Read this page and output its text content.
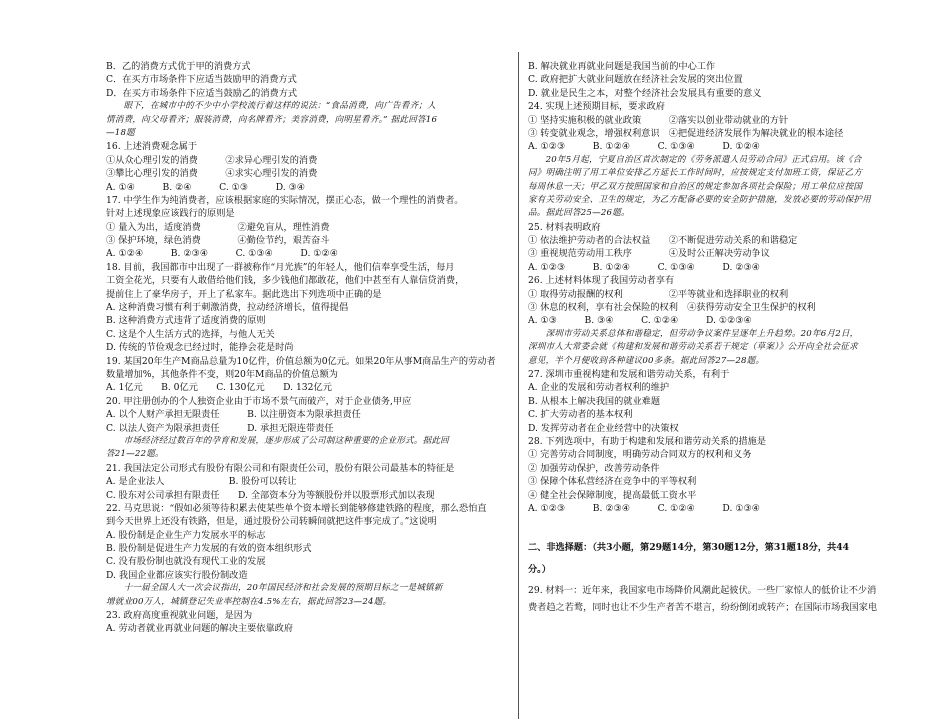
B．乙的消费方式优于甲的消费方式
C．在买方市场条件下应适当鼓励甲的消费方式
D．在买方市场条件下应适当鼓励乙的消费方式
　　眼下，在城市中的不少中小学校流行着这样的说法：“食品消费，向广告看齐；人
情消费，向父母看齐；服装消费，向名牌看齐；美容消费，向明星看齐。” 据此回答16
—18题
16. 上述消费观念属于
①从众心理引发的消费　　　②求异心理引发的消费
③攀比心理引发的消费　　　④求实心理引发的消费
A. ①④　　　B. ②④　　　C. ①③　　　D. ③④
17. 中学生作为纯消费者，应该根据家庭的实际情况，摆正心态，做一个理性的消费者。
针对上述现象应该践行的原则是
① 量入为出，适度消费　　　　②避免盲从，理性消费
③ 保护环境，绿色消费　　　　④勤俭节约，艰苦奋斗
A. ①②④　　　B. ②③④　　　C. ①③④　　　D. ①②④
18. 目前，我国都市中出现了一群被称作“月光族”的年轻人，他们信奉享受生活，每月
工资全花光，只要有人敢借给他们钱，多少钱他们都敢花，他们中甚至有人靠信贷消费，
提前住上了豪华房子，开上了私家车。据此选出下列选项中正确的是
A. 这种消费习惯有利于刺激消费，拉动经济增长，值得提倡
B. 这种消费方式违背了适度消费的原则
C. 这是个人生活方式的选择，与他人无关
D. 传统的节俭观念已经过时，能挣会花是时尚
19. 某国20年生产M商品总量为10亿件，价值总额为0亿元。如果20年从事M商品生产的劳动者
数量增加%，其他条件不变，则20年M商品的价值总额为
A. 1亿元　　B. 0亿元　　C. 130亿元　　D. 132亿元
20. 甲注册创办的个人独资企业由于市场不景气而破产，对于企业债务,甲应
A. 以个人财产承担无限责任　　　B. 以注册资本为限承担责任
C. 以法人资产为限承担责任　　　D. 承担无限连带责任
　　市场经济经过数百年的孕育和发展，逐步形成了公司制这种重要的企业形式。据此回
答21—22题。
21. 我国法定公司形式有股份有限公司和有限责任公司，股份有限公司最基本的特征是
A. 是企业法人　　　　　　　B. 股份可以转让
C. 股东对公司承担有限责任　　D. 全部资本分为等额股份并以股票形式加以表现
22. 马克思说：“假如必须等待积累去使某些单个资本增长到能够修建铁路的程度，那么恐怕直
到今天世界上还没有铁路，但是，通过股份公司转瞬间就把这件事完成了。”这说明
A. 股份制是企业生产力发展水平的标志
B. 股份制是促进生产力发展的有效的资本组织形式
C. 没有股份制也就没有现代工业的发展
D. 我国企业都应该实行股份制改造
　　十一届全国人大一次会议指出，20年国民经济和社会发展的预期目标之一是城镇新
增就业00万人，城镇登记失业率控制在4.5%左右，据此回答23—24题。
23. 政府高度重视就业问题，是因为
A. 劳动者就业再就业问题的解决主要依靠政府
B. 解决就业再就业问题是我国当前的中心工作
C. 政府把扩大就业问题放在经济社会发展的突出位置
D. 就业是民生之本，对整个经济社会发展具有重要的意义
24. 实现上述预期目标，要求政府
① 坚持实施积极的就业政策　　　②落实以创业带动就业的方针
③ 转变就业观念，增强权利意识　④把促进经济发展作为解决就业的根本途径
A. ①②③　　　B. ①②④　　　C. ①③④　　　D. ①②④
　　20年5月起，宁夏自治区首次制定的《劳务派遣人员劳动合同》正式启用。该《合
同》明确注明了用工单位安排乙方延长工作时间时，应按规定支付加班工资，保证乙方
每周休息一天；甲乙双方按照国家和自治区的规定参加各项社会保险；用工单位应按国
家有关劳动安全、卫生的规定，为乙方配备必要的安全防护措施，发放必要的劳动保护用
品。据此回答25—26题。
25. 材料表明政府
① 依法维护劳动者的合法权益　　②不断促进劳动关系的和谐稳定
③ 重视规范劳动用工秩序　　　　④及时公正解决劳动争议
A. ①②③　　　B. ①②④　　　C. ①③④　　　D. ②③④
26. 上述材料体现了我国劳动者享有
① 取得劳动报酬的权利　　　　　②平等就业和选择职业的权利
③ 休息的权利，享有社会保险的权利　④获得劳动安全卫生保护的权利
A. ①③　　　B. ③④　　　C. ①②④　　　D. ①②③④
　　深圳市劳动关系总体和谐稳定，但劳动争议案件呈逐年上升趋势。20年6月2日，
深圳市人大常委会就《构建和发展和谐劳动关系若干规定（草案）》公开向全社会征求
意见，半个月便收到各种建议00多条。据此回答27—28题。
27. 深圳市重视构建和发展和谐劳动关系，有利于
A. 企业的发展和劳动者权利的维护
B. 从根本上解决我国的就业难题
C. 扩大劳动者的基本权利
D. 发挥劳动者在企业经营中的决策权
28. 下列选项中，有助于构建和发展和谐劳动关系的措施是
① 完善劳动合同制度，明确劳动合同双方的权利和义务
② 加强劳动保护，改善劳动条件
③ 保障个体私营经济在竞争中的平等权利
④ 健全社会保障制度，提高最低工资水平
A. ①②③　　　B. ②③④　　　C. ①②④　　　D. ①③④
二、非选择题：（共3小题，第29题14分，第30题12分，第31题18分，共44
分。）
29. 材料一：近年来，我国家电市场降价风潮此起彼伏。一些厂家惊人的低价让不少消
费者趋之若鹜，同时也让不少生产者苦不堪言，纷纷倒闭或转产；在国际市场我国家电
